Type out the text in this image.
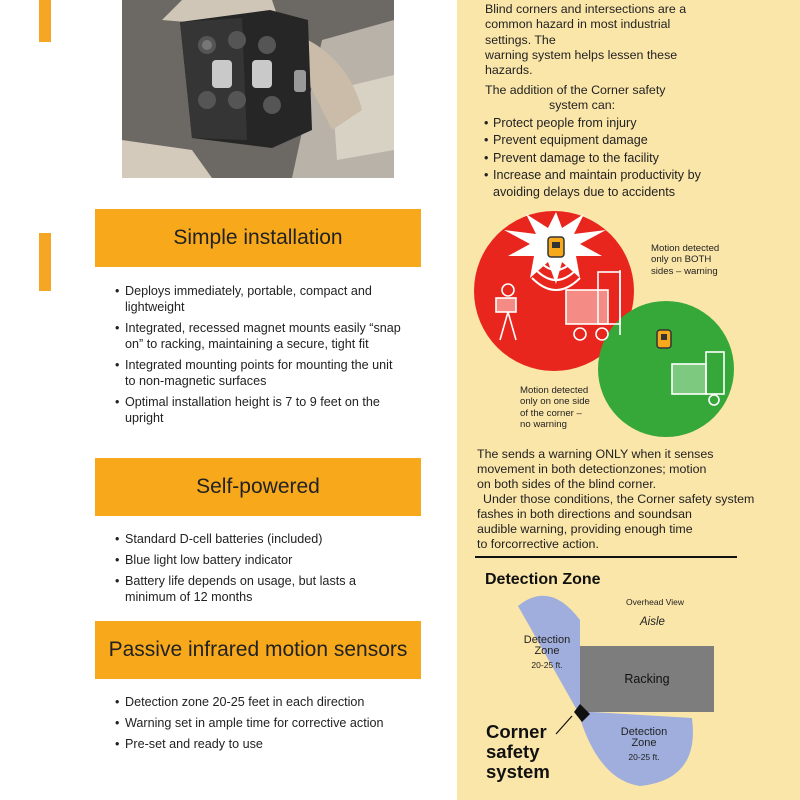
Simple installation
• Deploys immediately, portable, compact and lightweight
• Integrated, recessed magnet mounts easily “snap on” to racking, maintaining a secure, tight fit
• Integrated mounting points for mounting the unit to non-magnetic surfaces
• Optimal installation height is 7 to 9 feet on the upright
Self-powered
• Standard D-cell batteries (included)
• Blue light low battery indicator
• Battery life depends on usage, but lasts a minimum of 12 months
Passive infrared motion sensors
• Detection zone 20-25 feet in each direction
• Warning set in ample time for corrective action
• Pre-set and ready to use
Blind corners and intersections are a
common hazard in most industrial
settings. The
warning system helps lessen these
hazards.
The addition of the Corner safety
system can:
• Protect people from injury
• Prevent equipment damage
• Prevent damage to the facility
• Increase and maintain productivity by avoiding delays due to accidents
Motion detected
only on BOTH
sides – warning
Motion detected
only on one side
of the corner –
no warning
The sends a warning ONLY when it senses
movement in both detectionzones; motion
on both sides of the blind corner.
Under those conditions, the Corner safety system
fashes in both directions and soundsan
audible warning, providing enough time
to forcorrective action.
Detection Zone
Overhead View
Aisle
Detection
Zone
20-25 ft.
Racking
Detection
Zone
20-25 ft.
Corner
safety
system
